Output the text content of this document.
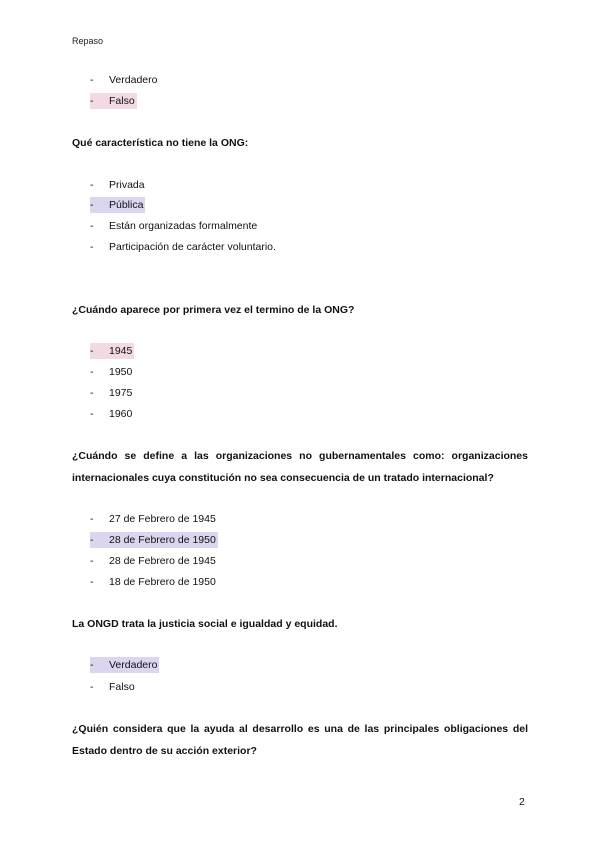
Repaso
-	Verdadero
-	Falso
Qué característica no tiene la ONG:
-	Privada
-	Pública
-	Están organizadas formalmente
-	Participación de carácter voluntario.
¿Cuándo aparece por primera vez el termino de la ONG?
-	1945
-	1950
-	1975
-	1960
¿Cuándo se define a las organizaciones no gubernamentales como: organizaciones internacionales cuya constitución no sea consecuencia de un tratado internacional?
-	27 de Febrero de 1945
-	28 de Febrero de 1950
-	28 de Febrero de 1945
-	18 de Febrero de 1950
La ONGD trata la justicia social e igualdad y equidad.
-	Verdadero
-	Falso
¿Quién considera que la ayuda al desarrollo es una de las principales obligaciones del Estado dentro de su acción exterior?
2
